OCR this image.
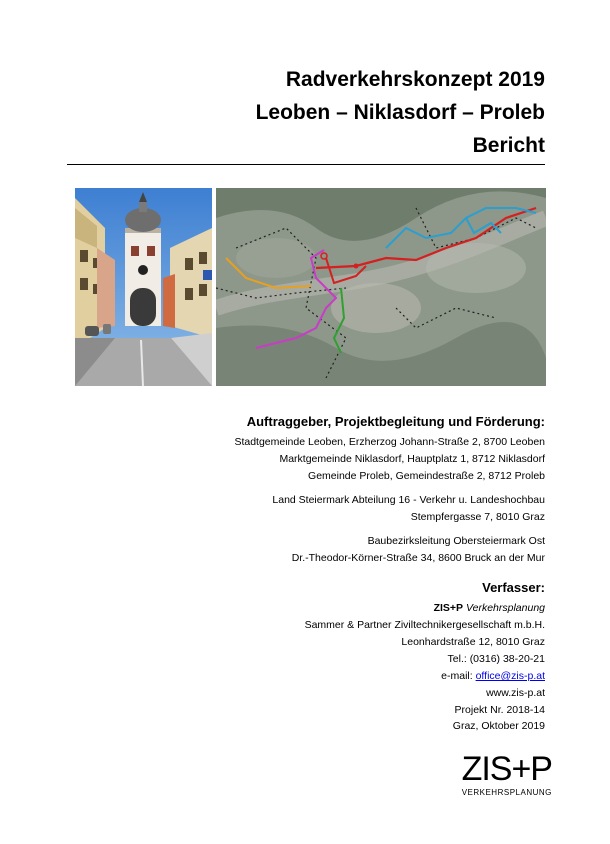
Radverkehrskonzept 2019
Leoben – Niklasdorf – Proleb
Bericht
Auftraggeber, Projektbegleitung und Förderung:
Stadtgemeinde Leoben, Erzherzog Johann-Straße 2, 8700 Leoben
Marktgemeinde Niklasdorf, Hauptplatz 1, 8712 Niklasdorf
Gemeinde Proleb, Gemeindestraße 2, 8712 Proleb
Land Steiermark Abteilung 16 - Verkehr u. Landeshochbau
Stempfergasse 7, 8010 Graz
Baubezirksleitung Obersteiermark Ost
Dr.-Theodor-Körner-Straße 34, 8600 Bruck an der Mur
Verfasser:
ZIS+P Verkehrsplanung
Sammer & Partner Ziviltechnikergesellschaft m.b.H.
Leonhardstraße 12, 8010 Graz
Tel.: (0316) 38-20-21
e-mail: office@zis-p.at
www.zis-p.at
Projekt Nr. 2018-14
Graz, Oktober 2019
ZIS+P
VERKEHRSPLANUNG
